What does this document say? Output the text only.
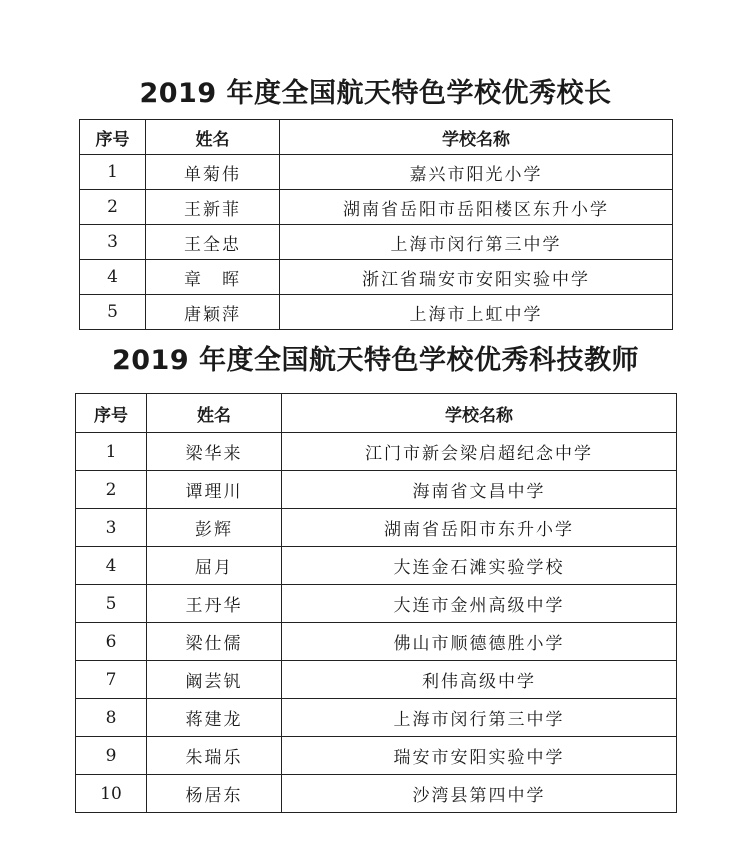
2019 年度全国航天特色学校优秀校长
序号	姓名	学校名称
1	单菊伟	嘉兴市阳光小学
2	王新菲	湖南省岳阳市岳阳楼区东升小学
3	王全忠	上海市闵行第三中学
4	章　晖	浙江省瑞安市安阳实验中学
5	唐颖萍	上海市上虹中学
2019 年度全国航天特色学校优秀科技教师
序号	姓名	学校名称
1	梁华来	江门市新会梁启超纪念中学
2	谭理川	海南省文昌中学
3	彭辉	湖南省岳阳市东升小学
4	屈月	大连金石滩实验学校
5	王丹华	大连市金州高级中学
6	梁仕儒	佛山市顺德德胜小学
7	阚芸钒	利伟高级中学
8	蒋建龙	上海市闵行第三中学
9	朱瑞乐	瑞安市安阳实验中学
10	杨居东	沙湾县第四中学
